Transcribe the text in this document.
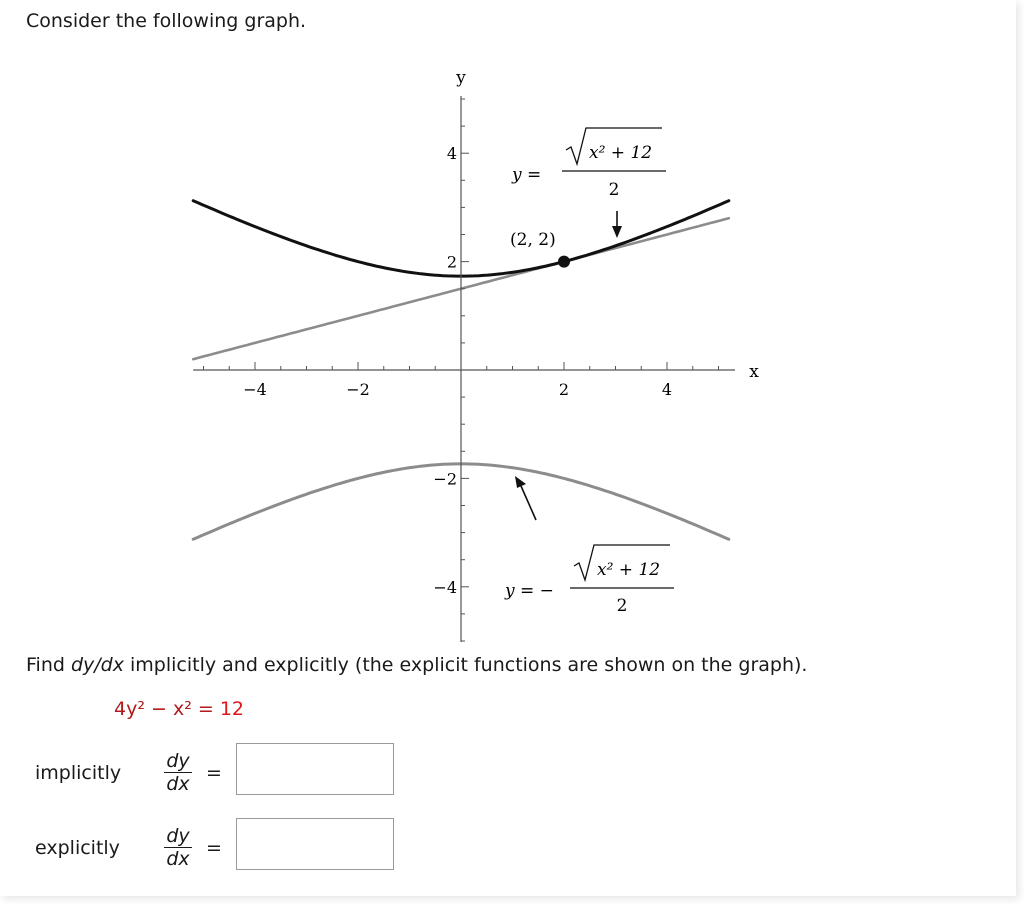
Consider the following graph.
−4	−2	2	4
4
2
−2
−4
y
x
y =
x² + 12
2
y = −
x² + 12
2
(2, 2)
Find dy/dx implicitly and explicitly (the explicit functions are shown on the graph).
4y² − x² = 12
implicitly
dy
dx =
explicitly
dy
dx =
